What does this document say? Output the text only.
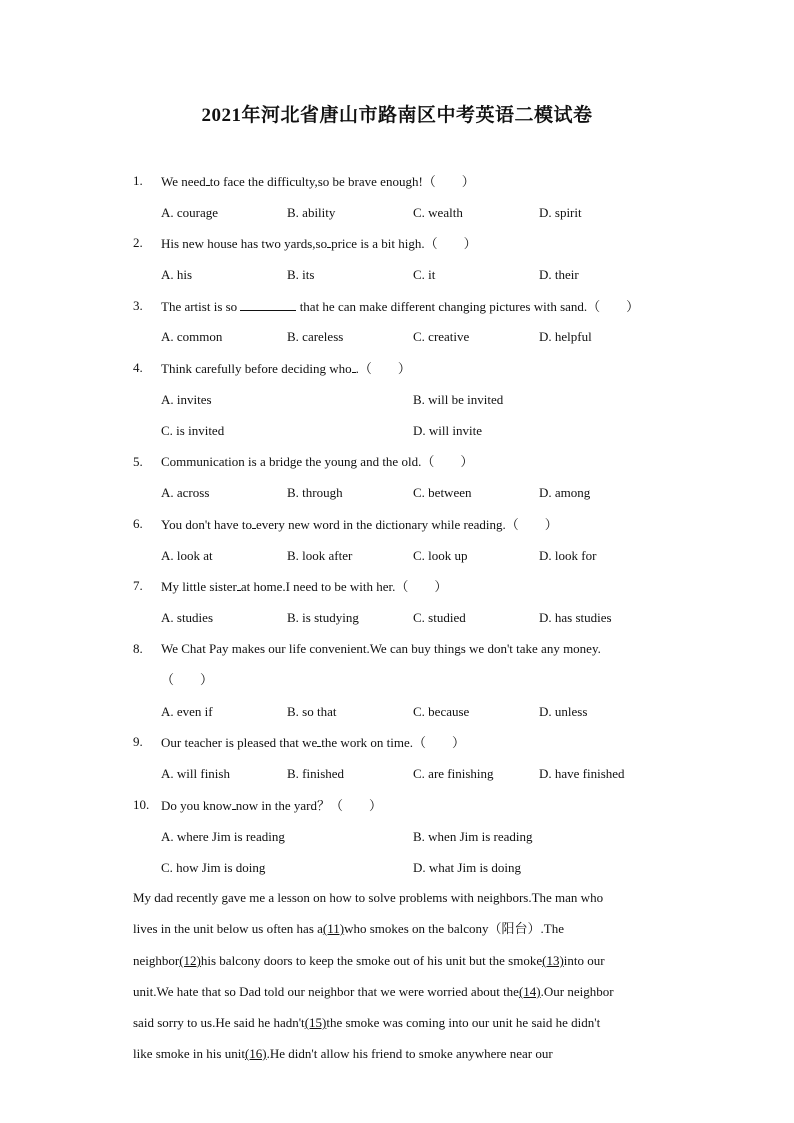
2021年河北省唐山市路南区中考英语二模试卷
1. We need to face the difficulty,so be brave enough!（　　）
A. courage	B. ability	C. wealth	D. spirit
2. His new house has two yards,so price is a bit high.（　　）
A. his	B. its	C. it	D. their
3. The artist is so	that he can make different changing pictures with sand.（　　）
A. common	B. careless	C. creative	D. helpful
4. Think carefully before deciding who .（　　）
A. invites	B. will be invited
C. is invited	D. will invite
5. Communication is a bridge the young and the old.（　　）
A. across	B. through	C. between	D. among
6. You don't have to every new word in the dictionary while reading.（　　）
A. look at	B. look after	C. look up	D. look for
7. My little sister at home.I need to be with her.（　　）
A. studies	B. is studying	C. studied	D. has studies
8. We Chat Pay makes our life convenient.We can buy things we don't take any money.
（　　）
A. even if	B. so that	C. because	D. unless
9. Our teacher is pleased that we the work on time.（　　）
A. will finish	B. finished	C. are finishing	D. have finished
10. Do you know now in the yard？（　　）
A. where Jim is reading	B. when Jim is reading
C. how Jim is doing	D. what Jim is doing
My dad recently gave me a lesson on how to solve problems with neighbors.The man who
lives in the unit below us often has a(11)who smokes on the balcony（阳台）.The
neighbor(12)his balcony doors to keep the smoke out of his unit but the smoke(13)into our
unit.We hate that so Dad told our neighbor that we were worried about the(14).Our neighbor
said sorry to us.He said he hadn't(15)the smoke was coming into our unit he said he didn't
like smoke in his unit(16).He didn't allow his friend to smoke anywhere near our
